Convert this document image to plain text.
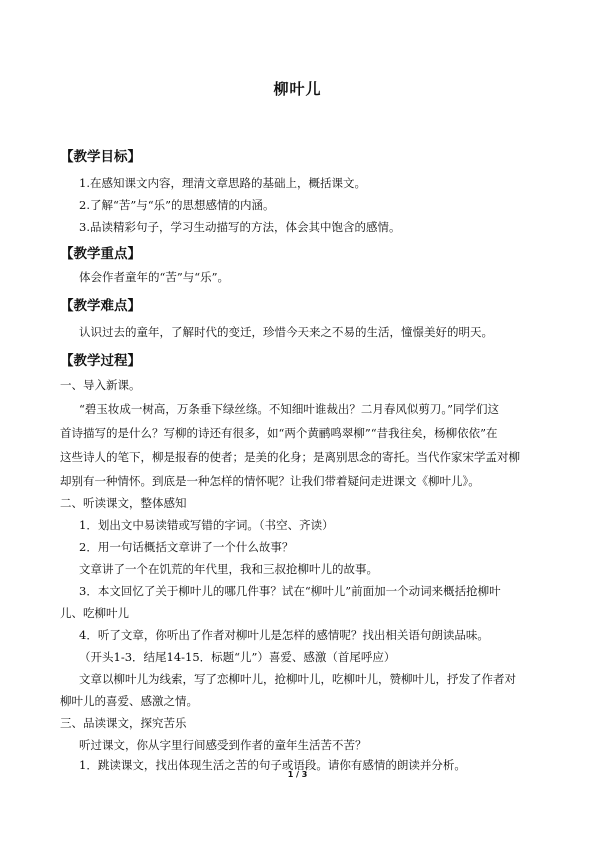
柳叶儿
【教学目标】
1.在感知课文内容，理清文章思路的基础上，概括课文。
2.了解“苦”与“乐”的思想感情的内涵。
3.品读精彩句子，学习生动描写的方法，体会其中饱含的感情。
【教学重点】
体会作者童年的“苦”与“乐”。
【教学难点】
认识过去的童年，了解时代的变迁，珍惜今天来之不易的生活，憧憬美好的明天。
【教学过程】
一、导入新课。
“碧玉妆成一树高，万条垂下绿丝绦。不知细叶谁裁出？二月春风似剪刀。”同学们这
首诗描写的是什么？写柳的诗还有很多，如“两个黄鹂鸣翠柳”“昔我往矣，杨柳依依”在
这些诗人的笔下，柳是报春的使者；是美的化身；是离别思念的寄托。当代作家宋学孟对柳
却别有一种情怀。到底是一种怎样的情怀呢？让我们带着疑问走进课文《柳叶儿》。
二、听读课文，整体感知
1．划出文中易读错或写错的字词。（书空、齐读）
2．用一句话概括文章讲了一个什么故事？
文章讲了一个在饥荒的年代里，我和三叔抢柳叶儿的故事。
3．本文回忆了关于柳叶儿的哪几件事？试在“柳叶儿”前面加一个动词来概括抢柳叶
儿、吃柳叶儿
4．听了文章，你听出了作者对柳叶儿是怎样的感情呢？找出相关语句朗读品味。
（开头1-3．结尾14-15．标题“儿”）喜爱、感激（首尾呼应）
文章以柳叶儿为线索，写了恋柳叶儿，抢柳叶儿，吃柳叶儿，赞柳叶儿，抒发了作者对
柳叶儿的喜爱、感激之情。
三、品读课文，探究苦乐
听过课文，你从字里行间感受到作者的童年生活苦不苦？
1．跳读课文，找出体现生活之苦的句子或语段。请你有感情的朗读并分析。
1 / 3
